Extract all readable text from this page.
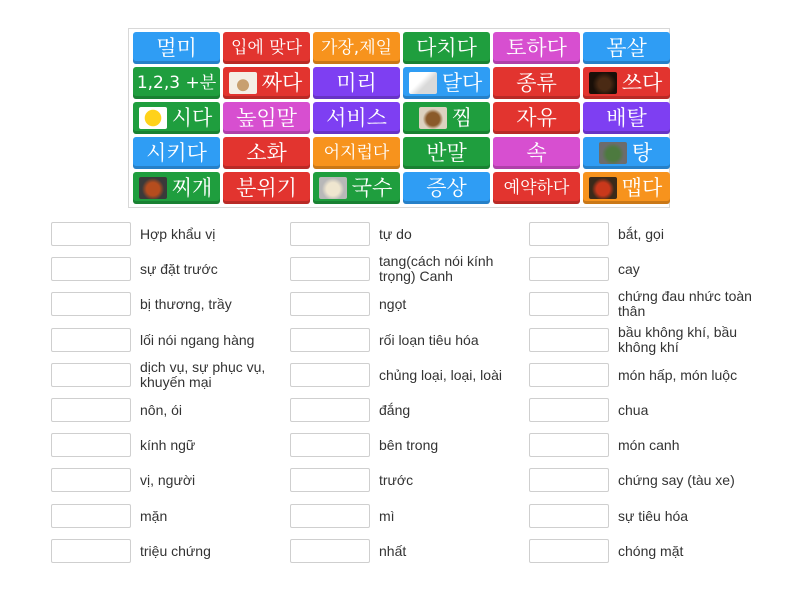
멀미 입에 맞다 가장,제일 다치다 토하다 몸살
1,2,3 +분 짜다 미리	달다 종류	쓰다
시다 높임말 서비스	찜 자유 배탈
시키다 소화 어지럽다 반말	속	탕
찌개 분위기	국수 증상 예약하다 맵다
Hợp khẩu vị
sự đặt trước
bị thương, trầy
lối nói ngang hàng
dịch vụ, sự phục vụ, khuyến mại
nôn, ói
kính ngữ
vị, người
mặn
triệu chứng
tự do
tang(cách nói kính trọng) Canh
ngọt
rối loạn tiêu hóa
chủng loại, loại, loài
đắng
bên trong
trước
mì
nhất
bắt, gọi
cay
chứng đau nhức toàn thân
bầu không khí, bầu không khí
món hấp, món luộc
chua
món canh
chứng say (tàu xe)
sự tiêu hóa
chóng mặt
